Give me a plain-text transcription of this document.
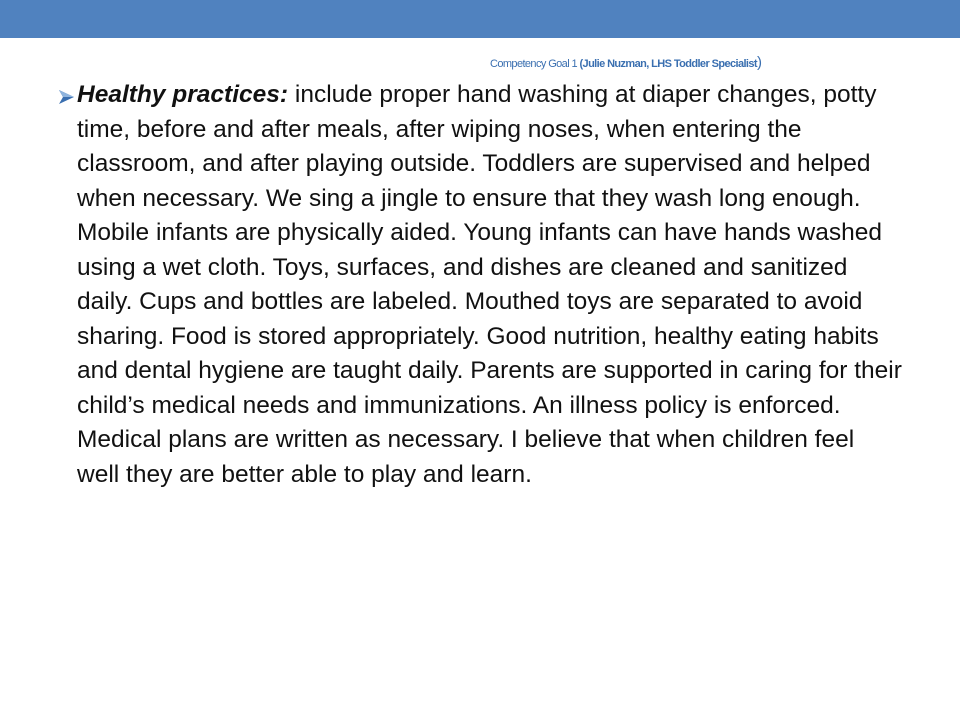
Competency Goal 1 (Julie Nuzman, LHS Toddler Specialist)

Healthy practices: include proper hand washing at diaper changes, potty time, before and after meals, after wiping noses, when entering the classroom, and after playing outside. Toddlers are supervised and helped when necessary. We sing a jingle to ensure that they wash long enough. Mobile infants are physically aided. Young infants can have hands washed using a wet cloth. Toys, surfaces, and dishes are cleaned and sanitized daily. Cups and bottles are labeled. Mouthed toys are separated to avoid sharing. Food is stored appropriately. Good nutrition, healthy eating habits and dental hygiene are taught daily. Parents are supported in caring for their child’s medical needs and immunizations. An illness policy is enforced. Medical plans are written as necessary. I believe that when children feel well they are better able to play and learn.
